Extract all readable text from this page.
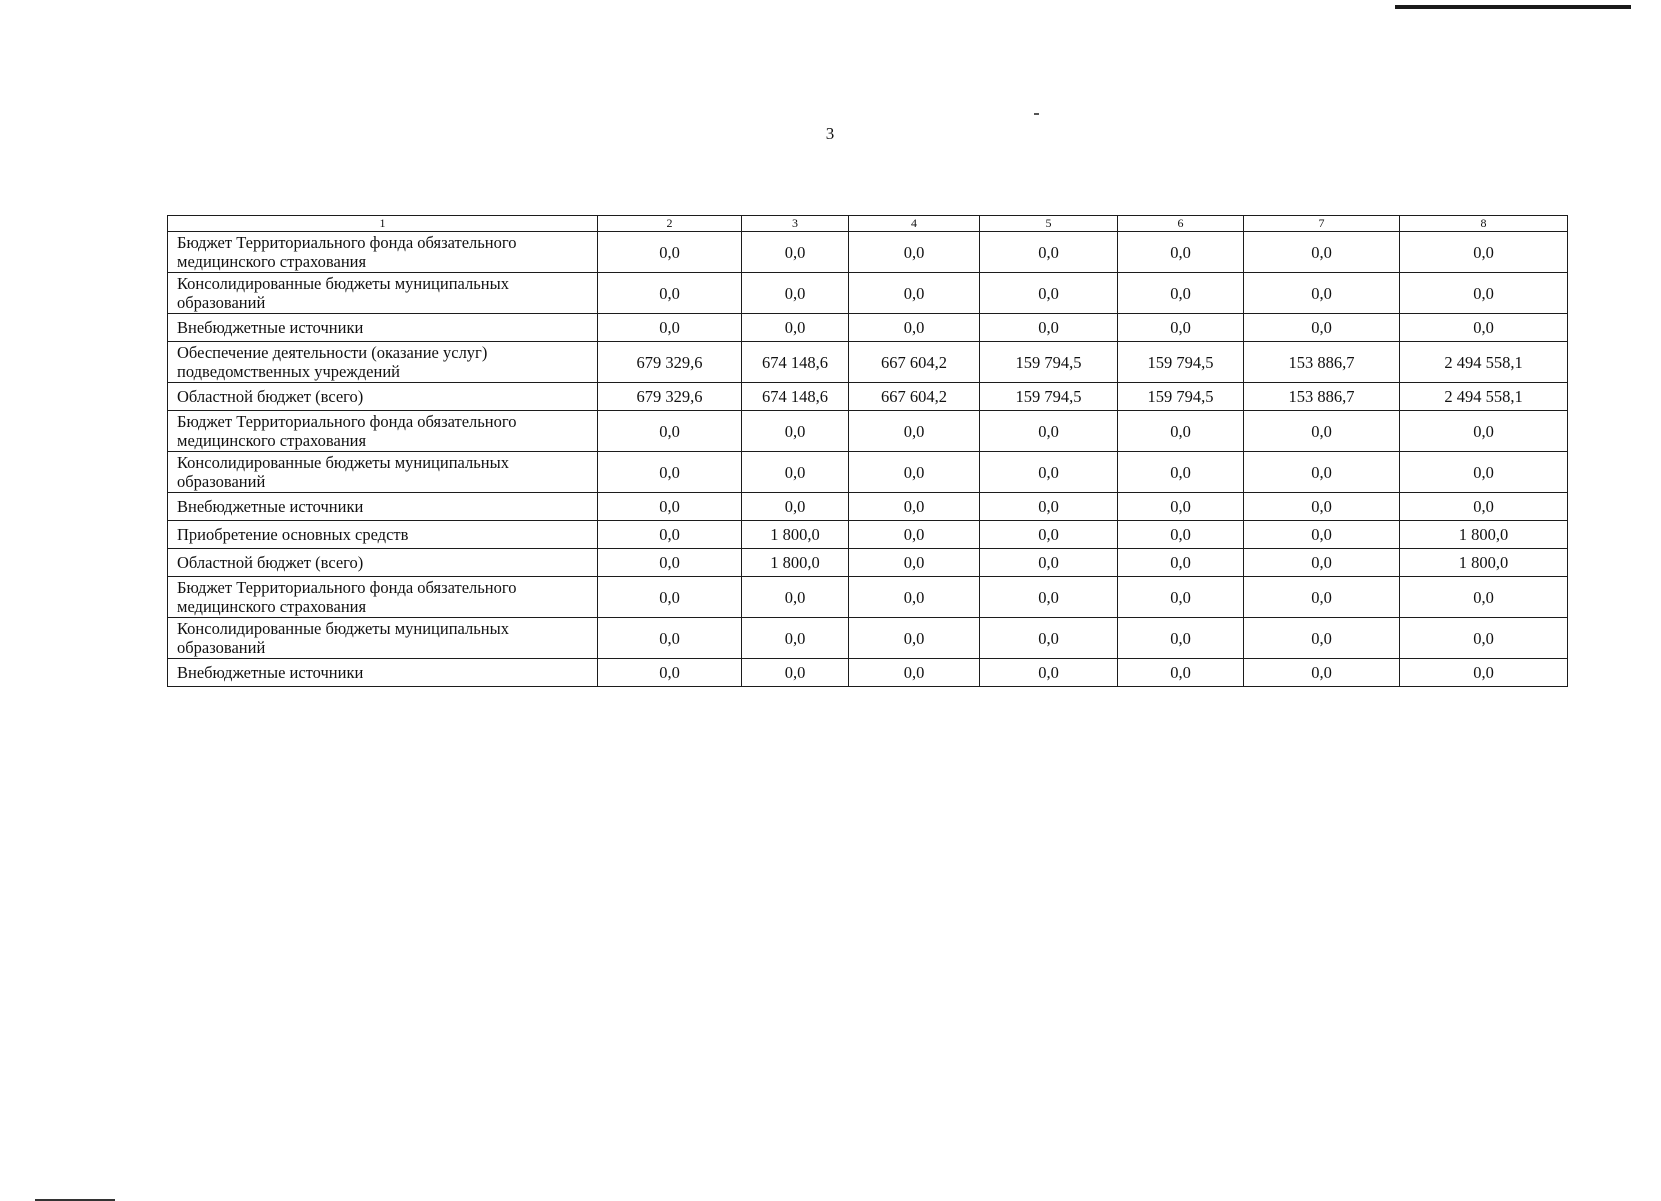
3
1	2	3	4	5	6	7	8
Бюджет Территориального фонда обязательного медицинского страхования	0,0	0,0	0,0	0,0	0,0	0,0	0,0
Консолидированные бюджеты муниципальных образований	0,0	0,0	0,0	0,0	0,0	0,0	0,0
Внебюджетные источники	0,0	0,0	0,0	0,0	0,0	0,0	0,0
Обеспечение деятельности (оказание услуг) подведомственных учреждений	679 329,6	674 148,6	667 604,2	159 794,5	159 794,5	153 886,7	2 494 558,1
Областной бюджет (всего)	679 329,6	674 148,6	667 604,2	159 794,5	159 794,5	153 886,7	2 494 558,1
Бюджет Территориального фонда обязательного медицинского страхования	0,0	0,0	0,0	0,0	0,0	0,0	0,0
Консолидированные бюджеты муниципальных образований	0,0	0,0	0,0	0,0	0,0	0,0	0,0
Внебюджетные источники	0,0	0,0	0,0	0,0	0,0	0,0	0,0
Приобретение основных средств	0,0	1 800,0	0,0	0,0	0,0	0,0	1 800,0
Областной бюджет (всего)	0,0	1 800,0	0,0	0,0	0,0	0,0	1 800,0
Бюджет Территориального фонда обязательного медицинского страхования	0,0	0,0	0,0	0,0	0,0	0,0	0,0
Консолидированные бюджеты муниципальных образований	0,0	0,0	0,0	0,0	0,0	0,0	0,0
Внебюджетные источники	0,0	0,0	0,0	0,0	0,0	0,0	0,0
